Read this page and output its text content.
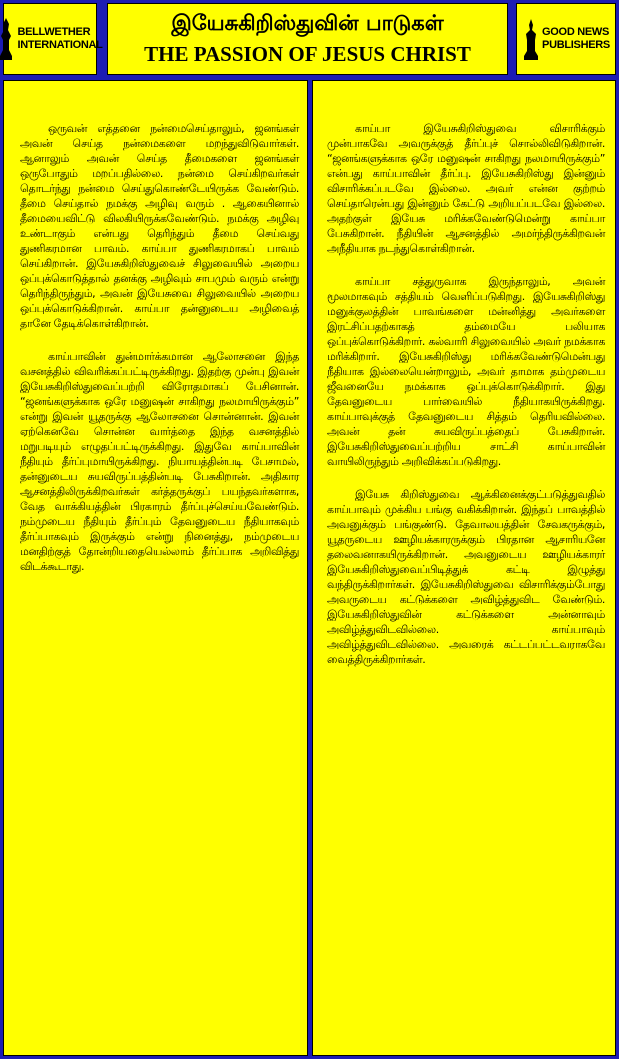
BELLWETHER
INTERNATIONAL
இயேசுகிறிஸ்துவின் பாடுகள்
THE PASSION OF JESUS CHRIST
GOOD NEWS
PUBLISHERS

ஒருவன் எத்தனை நன்மைசெய்தாலும், ஜனங்கள் அவன் செய்த நன்மைகளை மறந்துவிடுவார்கள். ஆனாலும் அவன் செய்த தீமைகளை ஜனங்கள் ஒருபோதும் மறப்பதில்லை. நன்மை செய்கிறவர்கள் தொடர்ந்து நன்மை செய்துகொண்டேயிருக்க வேண்டும். தீமை செய்தால் நமக்கு அழிவு வரும் . ஆகையினால் தீமையைவிட்டு விலகியிருக்கவேண்டும். நமக்கு அழிவு உண்டாகும் என்பது தெரிந்தும் தீமை செய்வது துணிகரமான பாவம். காய்பா துணிகரமாகப் பாவம் செய்கிறான். இயேசுகிறிஸ்துவைச் சிலுவையில் அறைய ஒப்புக்கொடுத்தால் தனக்கு அழிவும் சாபமும் வரும் என்று தெரிந்திருந்தும், அவன் இயேசுவை சிலுவையில் அறைய ஒப்புக்கொடுக்கிறான். காய்பா தன்னுடைய அழிவைத் தானே தேடிக்கொள்கிறான்.

காய்பாவின் துன்மார்க்கமான ஆலோசனை இந்த வசனத்தில் விவரிக்கப்பட்டிருக்கிறது. இதற்கு முன்பு இவன் இயேசுகிறிஸ்துவைப்பற்றி விரோதமாகப் பேசினான். “ஜனங்களுக்காக ஒரே மனுஷன் சாகிறது நலமாயிருக்கும்” என்று இவன் யூதருக்கு ஆலோசனை சொன்னான். இவன் ஏற்கெனவே சொன்ன வார்த்தை இந்த வசனத்தில் மறுபடியும் எழுதப்பட்டிருக்கிறது. இதுவே காய்பாவின் நீதியும் தீர்ப்புமாயிருக்கிறது. நியாயத்தின்படி பேசாமல், தன்னுடைய சுயவிருப்பத்தின்படி பேசுகிறான். அதிகார ஆசனத்திலிருக்கிறவர்கள் கர்த்தருக்குப் பயந்தவர்களாக, வேத வாக்கியத்தின் பிரகாரம் தீர்ப்புச்செய்யவேண்டும். நம்முடைய நீதியும் தீர்ப்பும் தேவனுடைய நீதியாகவும் தீர்ப்பாகவும் இருக்கும் என்று நினைத்து, நம்முடைய மனதிற்குத் தோன்றியதையெல்லாம் தீர்ப்பாக அறிவித்து விடக்கூடாது.

காய்பா இயேசுகிறிஸ்துவை விசாரிக்கும் முன்பாகவே அவருக்குத் தீர்ப்புச் சொல்லிவிடுகிறான். “ஜனங்களுக்காக ஒரே மனுஷன் சாகிறது நலமாயிருக்கும்” என்பது காய்பாவின் தீர்ப்பு. இயேசுகிறிஸ்து இன்னும் விசாரிக்கப்படவே இல்லை. அவர் என்ன குற்றம் செய்தாரென்பது இன்னும் கேட்டு அறியப்படவே இல்லை. அதற்குள் இயேசு மரிக்கவேண்டுமென்று காய்பா பேசுகிறான். நீதியின் ஆசனத்தில் அமர்ந்திருக்கிறவன் அநீதியாக நடந்துகொள்கிறான்.

காய்பா சத்துருவாக இருந்தாலும், அவன் மூலமாகவும் சத்தியம் வெளிப்படுகிறது. இயேசுகிறிஸ்து மனுக்குலத்தின் பாவங்களை மன்னித்து அவர்களை இரட்சிப்பதற்காகத் தம்மையே பலியாக ஒப்புக்கொடுக்கிறார். கல்வாரி சிலுவையில் அவர் நமக்காக மரிக்கிறார். இயேசுகிறிஸ்து மரிக்கவேண்டுமென்பது நீதியாக இல்லையென்றாலும், அவர் தாமாக தம்முடைய ஜீவனையே நமக்காக ஒப்புக்கொடுக்கிறார். இது தேவனுடைய பார்வையில் நீதியாகயிருக்கிறது. காய்பாவுக்குத் தேவனுடைய சித்தம் தெரியவில்லை. அவன் தன் சுயவிருப்பத்தைப் பேசுகிறான். இயேசுகிறிஸ்துவைப்பற்றிய சாட்சி காய்பாவின் வாயிலிருந்தும் அறிவிக்கப்படுகிறது.

இயேசு கிறிஸ்துவை ஆக்கினைக்குட்படுத்துவதில் காய்பாவும் முக்கிய பங்கு வகிக்கிறான். இந்தப் பாவத்தில் அவனுக்கும் பங்குண்டு. தேவாலயத்தின் சேவகருக்கும், யூதருடைய ஊழியக்காரருக்கும் பிரதான ஆசாரியனே தலைவனாகயிருக்கிறான். அவனுடைய ஊழியக்காரர் இயேசுகிறிஸ்துவைப்பிடித்துக் கட்டி இழுத்து வந்திருக்கிறார்கள். இயேசுகிறிஸ்துவை விசாரிக்கும்போது அவருடைய கட்டுக்களை அவிழ்த்துவிட வேண்டும். இயேசுகிறிஸ்துவின் கட்டுக்களை அன்னாவும் அவிழ்த்துவிடவில்லை. காய்பாவும் அவிழ்த்துவிடவில்லை. அவரைக் கட்டப்பட்டவராகவே வைத்திருக்கிறார்கள்.
